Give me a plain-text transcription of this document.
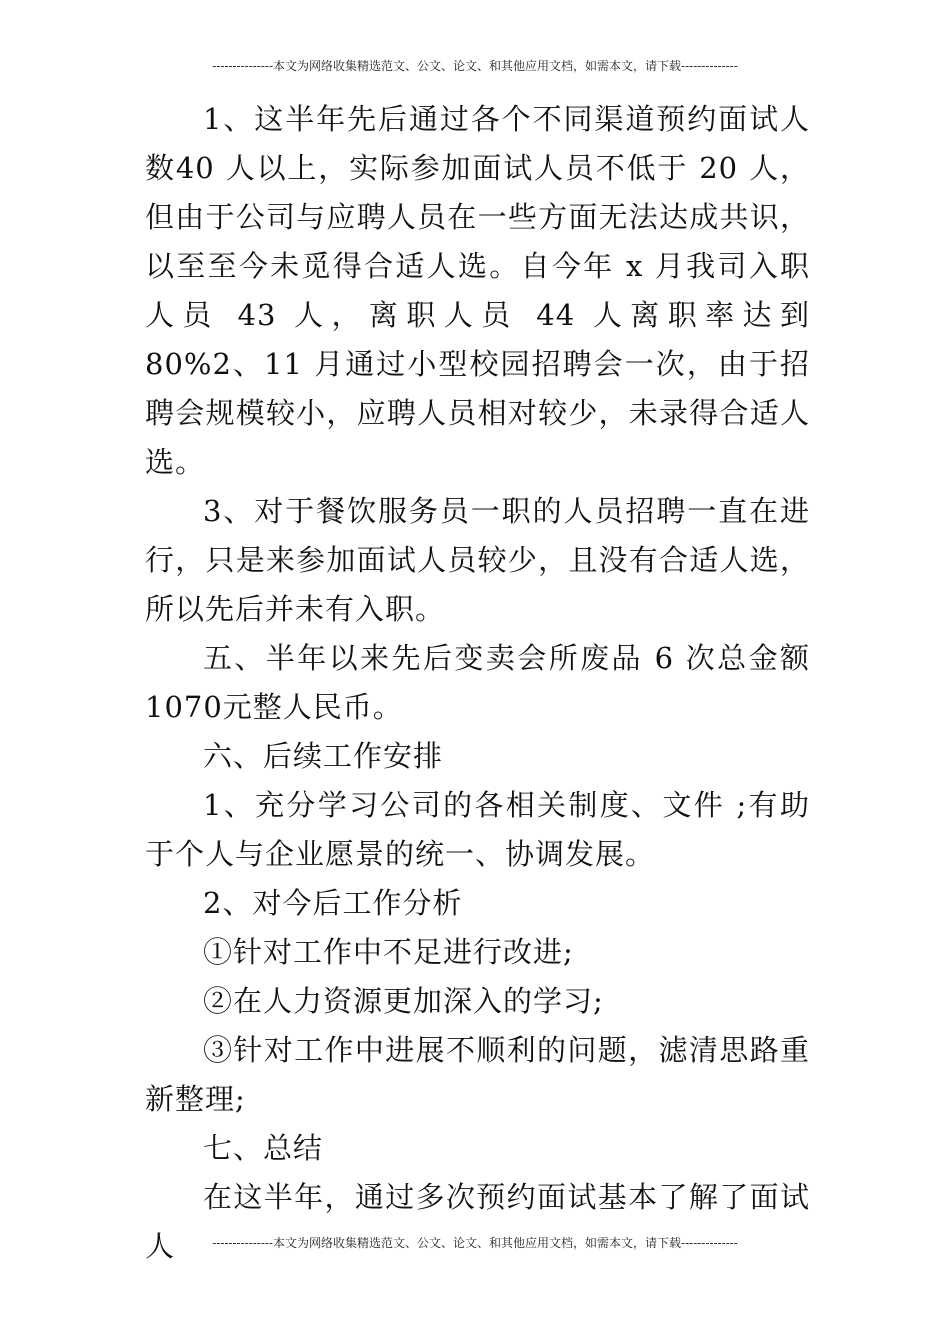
---------------本文为网络收集精选范文、公文、论文、和其他应用文档，如需本文，请下载--------------

1、这半年先后通过各个不同渠道预约面试人数40 人以上，实际参加面试人员不低于 20 人，但由于公司与应聘人员在一些方面无法达成共识，以至至今未觅得合适人选。自今年 x 月我司入职人员 43 人，离职人员 44 人离职率达到 80%2、11 月通过小型校园招聘会一次，由于招聘会规模较小，应聘人员相对较少，未录得合适人选。

3、对于餐饮服务员一职的人员招聘一直在进行，只是来参加面试人员较少，且没有合适人选，所以先后并未有入职。

五、半年以来先后变卖会所废品 6 次总金额 1070元整人民币。

六、后续工作安排

1、充分学习公司的各相关制度、文件 ;有助于个人与企业愿景的统一、协调发展。

2、对今后工作分析

①针对工作中不足进行改进;

②在人力资源更加深入的学习;

③针对工作中进展不顺利的问题，滤清思路重新整理;

七、总结

在这半年，通过多次预约面试基本了解了面试人	---------------本文为网络收集精选范文、公文、论文、和其他应用文档，如需本文，请下载--------------
